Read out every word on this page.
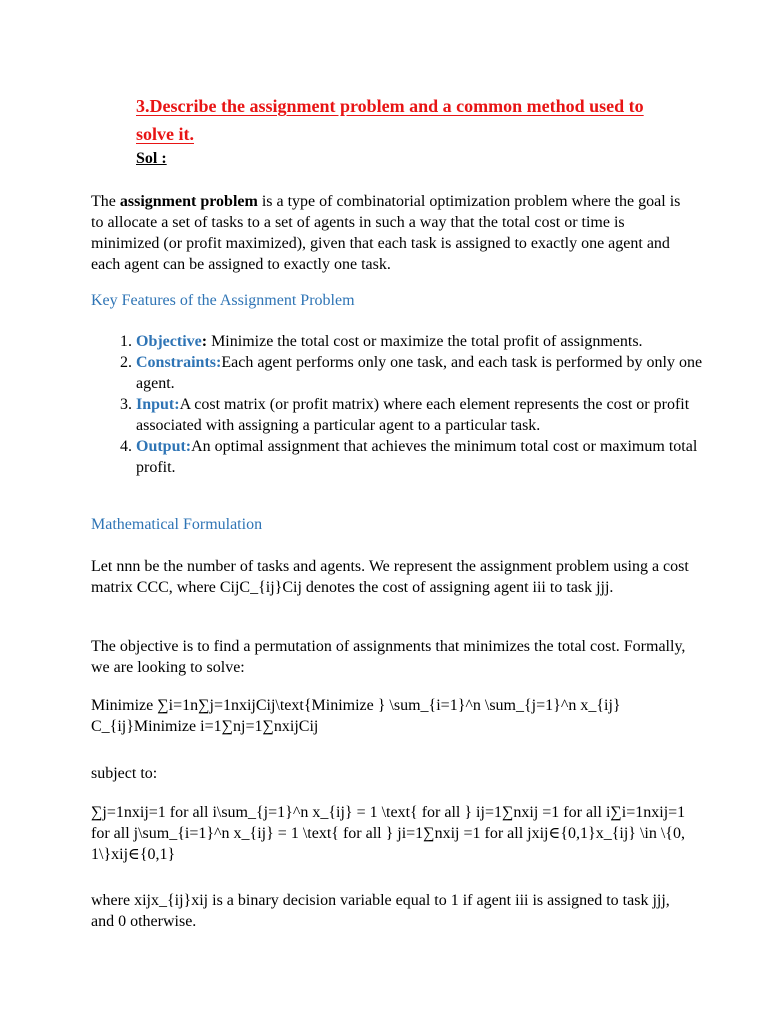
3.Describe the assignment problem and a common method used to solve it.
Sol :

The assignment problem is a type of combinatorial optimization problem where the goal is to allocate a set of tasks to a set of agents in such a way that the total cost or time is minimized (or profit maximized), given that each task is assigned to exactly one agent and each agent can be assigned to exactly one task.

Key Features of the Assignment Problem

1. Objective: Minimize the total cost or maximize the total profit of assignments.
2. Constraints:Each agent performs only one task, and each task is performed by only one agent.
3. Input:A cost matrix (or profit matrix) where each element represents the cost or profit associated with assigning a particular agent to a particular task.
4. Output:An optimal assignment that achieves the minimum total cost or maximum total profit.

Mathematical Formulation

Let nnn be the number of tasks and agents. We represent the assignment problem using a cost matrix CCC, where CijC_{ij}Cij denotes the cost of assigning agent iii to task jjj.

The objective is to find a permutation of assignments that minimizes the total cost. Formally, we are looking to solve:

Minimize ∑i=1n∑j=1nxijCij\text{Minimize } \sum_{i=1}^n \sum_{j=1}^n x_{ij} C_{ij}Minimize i=1∑nj=1∑nxijCij

subject to:

∑j=1nxij=1 for all i\sum_{j=1}^n x_{ij} = 1 \text{ for all } ij=1∑nxij =1 for all i∑i=1nxij=1 for all j\sum_{i=1}^n x_{ij} = 1 \text{ for all } ji=1∑nxij =1 for all jxij∈{0,1}x_{ij} \in \{0, 1\}xij∈{0,1}

where xijx_{ij}xij is a binary decision variable equal to 1 if agent iii is assigned to task jjj, and 0 otherwise.
